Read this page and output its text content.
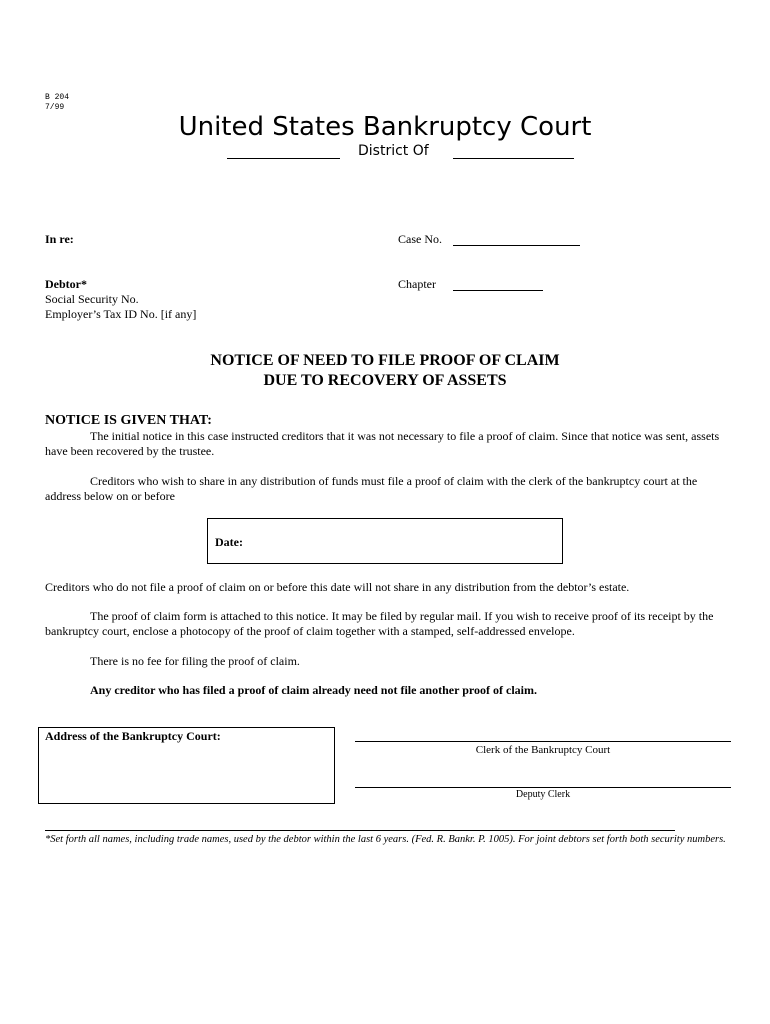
B 204
7/99
United States Bankruptcy Court
District Of
In re:	Case No.
Debtor*	Chapter
Social Security No.
Employer’s Tax ID No. [if any]
NOTICE OF NEED TO FILE PROOF OF CLAIM
DUE TO RECOVERY OF ASSETS
NOTICE IS GIVEN THAT:
The initial notice in this case instructed creditors that it was not necessary to file a proof of claim. Since that notice was sent, assets have been recovered by the trustee.
Creditors who wish to share in any distribution of funds must file a proof of claim with the clerk of the bankruptcy court at the address below on or before
Date:
Creditors who do not file a proof of claim on or before this date will not share in any distribution from the debtor’s estate.
The proof of claim form is attached to this notice. It may be filed by regular mail. If you wish to receive proof of its receipt by the bankruptcy court, enclose a photocopy of the proof of claim together with a stamped, self-addressed envelope.
There is no fee for filing the proof of claim.
Any creditor who has filed a proof of claim already need not file another proof of claim.
Address of the Bankruptcy Court:
Clerk of the Bankruptcy Court
Deputy Clerk
*Set forth all names, including trade names, used by the debtor within the last 6 years. (Fed. R. Bankr. P. 1005). For joint debtors set forth both security numbers.
